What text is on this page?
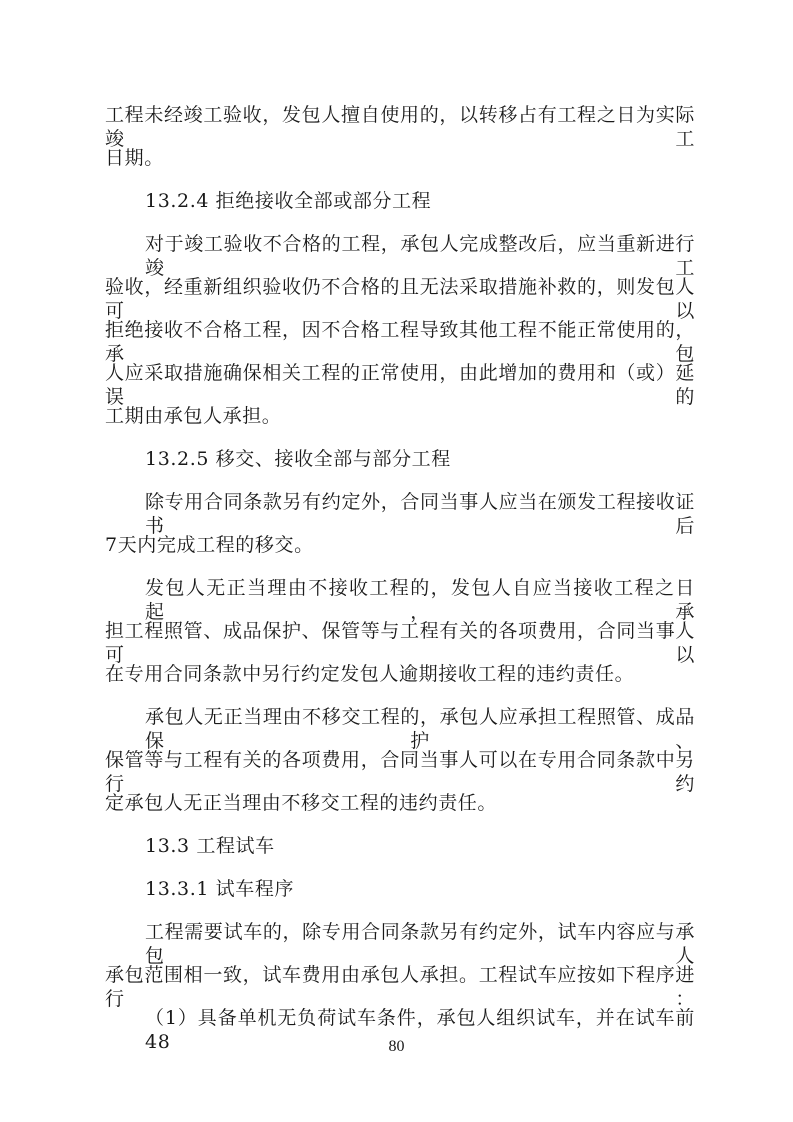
工程未经竣工验收，发包人擅自使用的，以转移占有工程之日为实际竣工
日期。
13.2.4 拒绝接收全部或部分工程
对于竣工验收不合格的工程，承包人完成整改后，应当重新进行竣工
验收，经重新组织验收仍不合格的且无法采取措施补救的，则发包人可以
拒绝接收不合格工程，因不合格工程导致其他工程不能正常使用的，承包
人应采取措施确保相关工程的正常使用，由此增加的费用和（或）延误的
工期由承包人承担。
13.2.5 移交、接收全部与部分工程
除专用合同条款另有约定外，合同当事人应当在颁发工程接收证书后
7天内完成工程的移交。
发包人无正当理由不接收工程的，发包人自应当接收工程之日起，承
担工程照管、成品保护、保管等与工程有关的各项费用，合同当事人可以
在专用合同条款中另行约定发包人逾期接收工程的违约责任。
承包人无正当理由不移交工程的，承包人应承担工程照管、成品保护、
保管等与工程有关的各项费用，合同当事人可以在专用合同条款中另行约
定承包人无正当理由不移交工程的违约责任。
13.3 工程试车
13.3.1 试车程序
工程需要试车的，除专用合同条款另有约定外，试车内容应与承包人
承包范围相一致，试车费用由承包人承担。工程试车应按如下程序进行：
（1）具备单机无负荷试车条件，承包人组织试车，并在试车前 48	80
